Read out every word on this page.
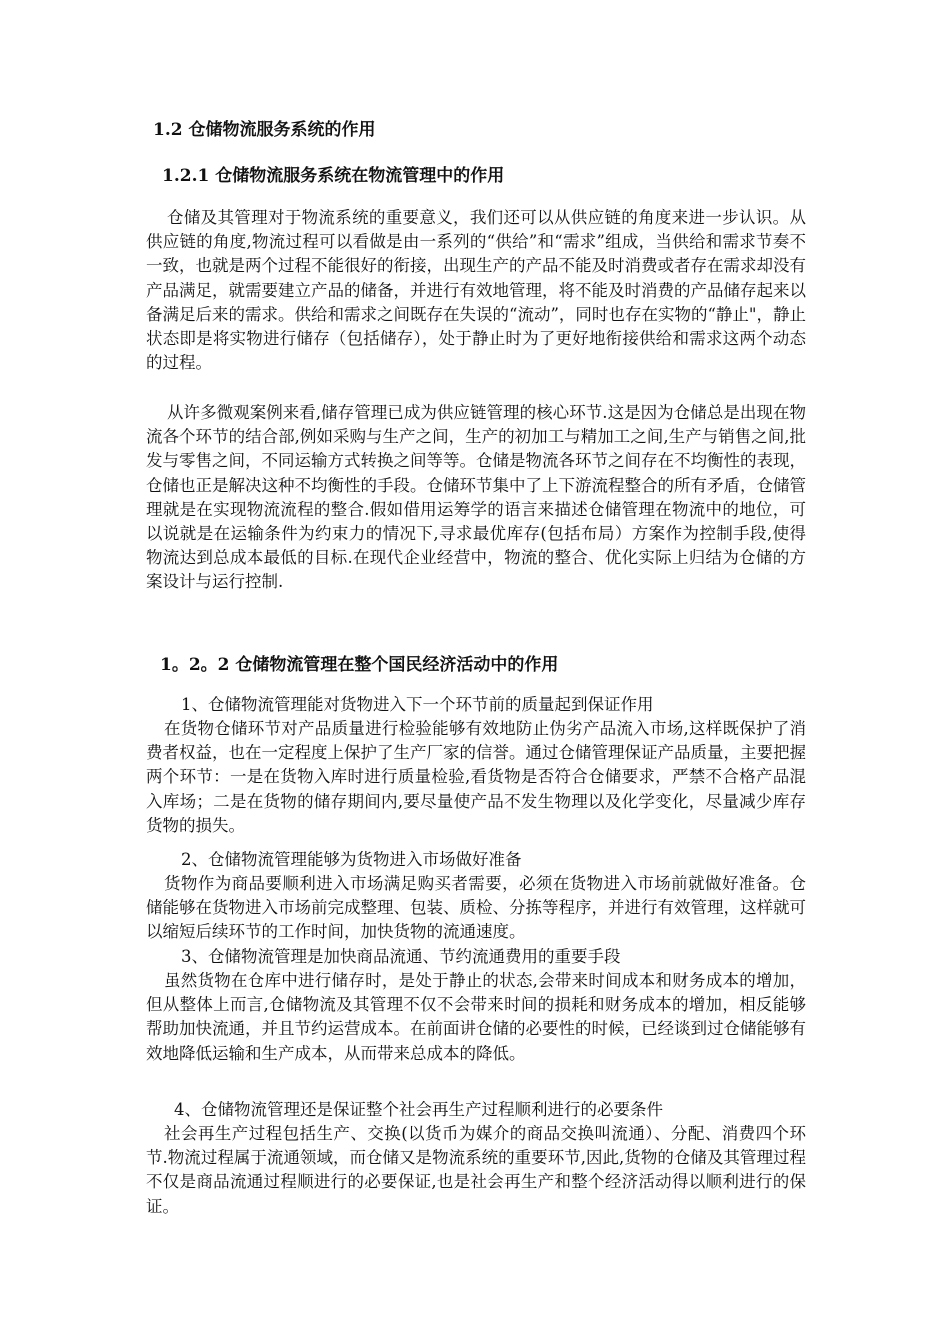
1.2 仓储物流服务系统的作用
1.2.1 仓储物流服务系统在物流管理中的作用

仓储及其管理对于物流系统的重要意义，我们还可以从供应链的角度来进一步认识。从供应链的角度,物流过程可以看做是由一系列的“供给”和“需求”组成，当供给和需求节奏不一致，也就是两个过程不能很好的衔接，出现生产的产品不能及时消费或者存在需求却没有产品满足，就需要建立产品的储备，并进行有效地管理，将不能及时消费的产品储存起来以备满足后来的需求。供给和需求之间既存在失误的“流动”，同时也存在实物的“静止"，静止状态即是将实物进行储存（包括储存），处于静止时为了更好地衔接供给和需求这两个动态的过程。

从许多微观案例来看,储存管理已成为供应链管理的核心环节.这是因为仓储总是出现在物流各个环节的结合部,例如采购与生产之间，生产的初加工与精加工之间,生产与销售之间,批发与零售之间，不同运输方式转换之间等等。仓储是物流各环节之间存在不均衡性的表现，仓储也正是解决这种不均衡性的手段。仓储环节集中了上下游流程整合的所有矛盾，仓储管理就是在实现物流流程的整合.假如借用运筹学的语言来描述仓储管理在物流中的地位，可以说就是在运输条件为约束力的情况下,寻求最优库存(包括布局）方案作为控制手段,使得物流达到总成本最低的目标.在现代企业经营中，物流的整合、优化实际上归结为仓储的方案设计与运行控制.

1。2。2 仓储物流管理在整个国民经济活动中的作用

1、仓储物流管理能对货物进入下一个环节前的质量起到保证作用

在货物仓储环节对产品质量进行检验能够有效地防止伪劣产品流入市场,这样既保护了消费者权益，也在一定程度上保护了生产厂家的信誉。通过仓储管理保证产品质量，主要把握两个环节：一是在货物入库时进行质量检验,看货物是否符合仓储要求，严禁不合格产品混入库场；二是在货物的储存期间内,要尽量使产品不发生物理以及化学变化，尽量减少库存货物的损失。

2、仓储物流管理能够为货物进入市场做好准备

货物作为商品要顺利进入市场满足购买者需要，必须在货物进入市场前就做好准备。仓储能够在货物进入市场前完成整理、包装、质检、分拣等程序，并进行有效管理，这样就可以缩短后续环节的工作时间，加快货物的流通速度。

3、仓储物流管理是加快商品流通、节约流通费用的重要手段

虽然货物在仓库中进行储存时，是处于静止的状态,会带来时间成本和财务成本的增加，但从整体上而言,仓储物流及其管理不仅不会带来时间的损耗和财务成本的增加，相反能够帮助加快流通，并且节约运营成本。在前面讲仓储的必要性的时候，已经谈到过仓储能够有效地降低运输和生产成本，从而带来总成本的降低。

4、仓储物流管理还是保证整个社会再生产过程顺利进行的必要条件

社会再生产过程包括生产、交换(以货币为媒介的商品交换叫流通）、分配、消费四个环节.物流过程属于流通领域，而仓储又是物流系统的重要环节,因此,货物的仓储及其管理过程不仅是商品流通过程顺进行的必要保证,也是社会再生产和整个经济活动得以顺利进行的保证。
